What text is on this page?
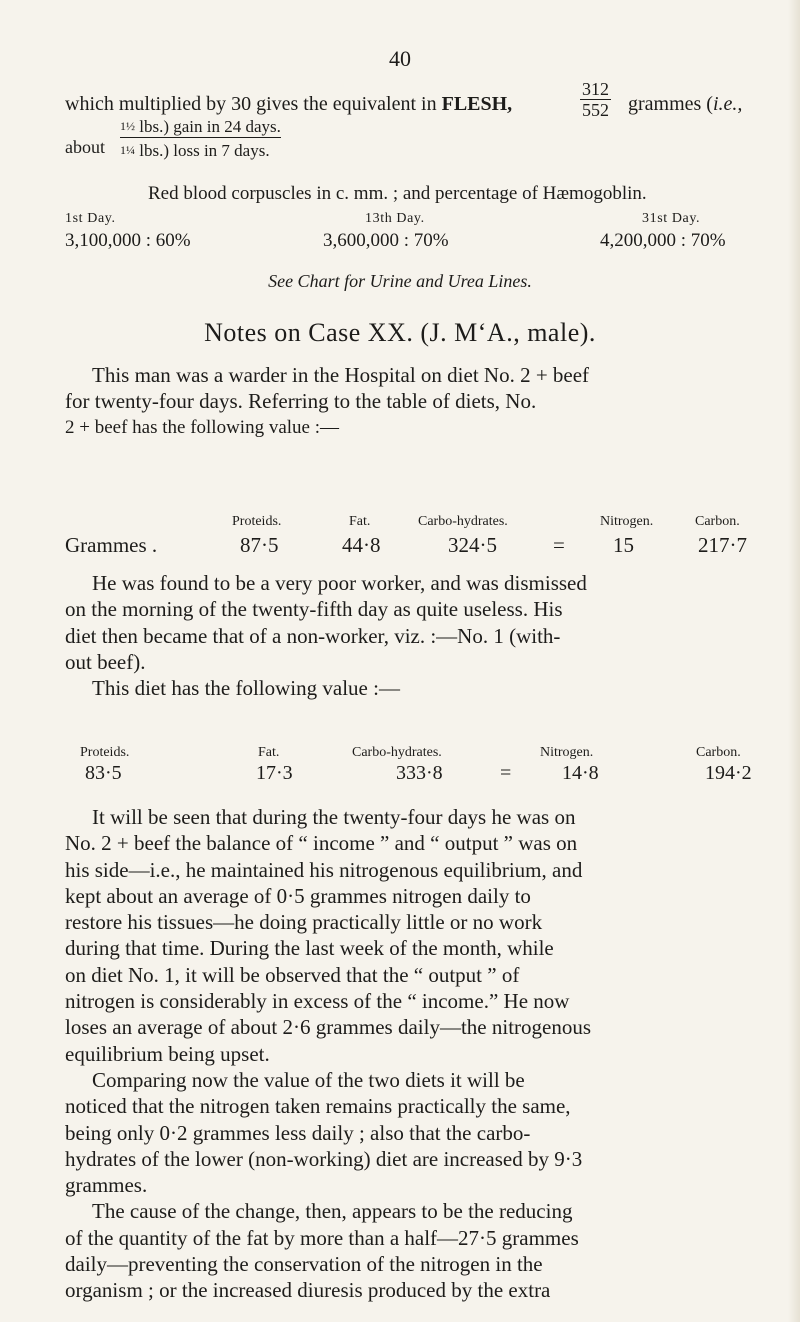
40
which multiplied by 30 gives the equivalent in FLESH,	$\frac{312}{552}$ grammes (i.e.,
about
1½ lbs.) gain in 24 days.
1¼ lbs.) loss in 7 days.
Red blood corpuscles in c. mm. ; and percentage of Hæmogoblin.
1st Day.	13th Day.	31st Day.
3,100,000 : 60%	3,600,000 : 70%	4,200,000 : 70%
See Chart for Urine and Urea Lines.
Notes on Case XX. (J. M‘A., male).
This man was a warder in the Hospital on diet No. 2 + beef
for twenty-four days. Referring to the table of diets, No.
2 + beef has the following value :—
Proteids.	Fat.	Carbo-hydrates.	Nitrogen.	Carbon.
Grammes .	87·5	44·8	324·5	= 15	217·7
He was found to be a very poor worker, and was dismissed
on the morning of the twenty-fifth day as quite useless. His
diet then became that of a non-worker, viz. :—No. 1 (with-
out beef).
This diet has the following value :—
Proteids.	Fat.	Carbo-hydrates.	Nitrogen.	Carbon.
83·5	17·3	333·8	=	14·8	194·2
It will be seen that during the twenty-four days he was on
No. 2 + beef the balance of “ income ” and “ output ” was on
his side—i.e., he maintained his nitrogenous equilibrium, and
kept about an average of 0·5 grammes nitrogen daily to
restore his tissues—he doing practically little or no work
during that time. During the last week of the month, while
on diet No. 1, it will be observed that the “ output ” of
nitrogen is considerably in excess of the “ income.” He now
loses an average of about 2·6 grammes daily—the nitrogenous
equilibrium being upset.
Comparing now the value of the two diets it will be
noticed that the nitrogen taken remains practically the same,
being only 0·2 grammes less daily ; also that the carbo-
hydrates of the lower (non-working) diet are increased by 9·3
grammes.
The cause of the change, then, appears to be the reducing
of the quantity of the fat by more than a half—27·5 grammes
daily—preventing the conservation of the nitrogen in the
organism ; or the increased diuresis produced by the extra
